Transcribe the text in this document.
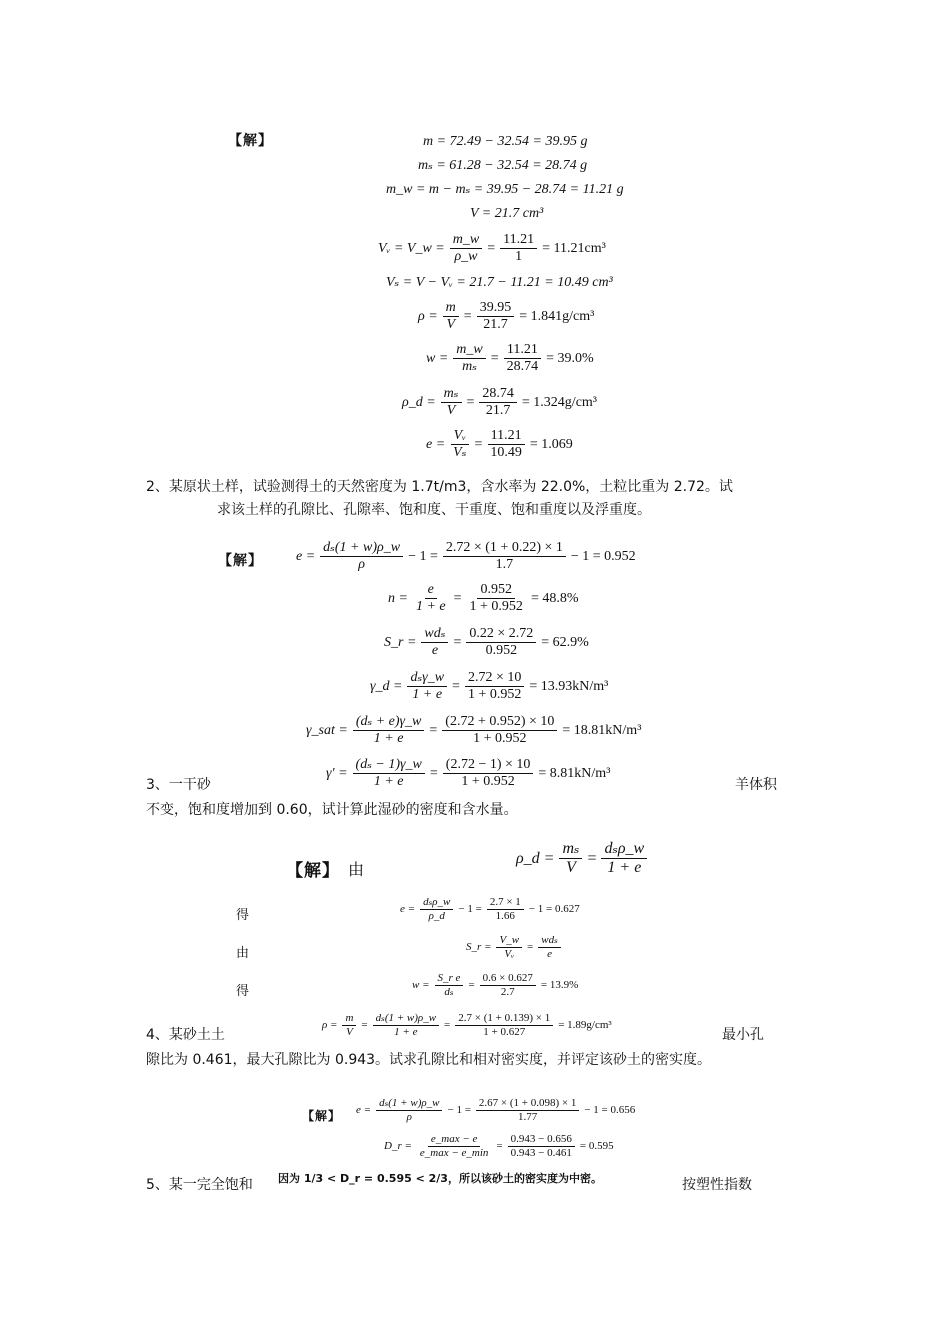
【解】	m = 72.49 − 32.54 = 39.95 g
mₛ = 61.28 − 32.54 = 28.74 g
m_w = m − mₛ = 39.95 − 28.74 = 11.21 g
V = 21.7 cm³
Vᵥ = V_w = $\frac{m\_w}{\rho\_w} = \frac{11.21}{1} = 11.21cm^3$
Vₛ = V − Vᵥ = 21.7 − 11.21 = 10.49 cm³
$\rho = \frac{m}{V} = \frac{39.95}{21.7} = 1.841g/cm^3$
$w = \frac{m\_w}{\text{mₛ}} = \frac{11.21}{28.74} = 39.0\%$
ρ_d = $\frac{\text{mₛ}}{V} = \frac{28.74}{21.7} = 1.324g/cm^3$
$e = \frac{\text{Vᵥ}}{\text{Vₛ}} = \frac{11.21}{10.49} = 1.069$
2、某原状土样，试验测得土的天然密度为 1.7t/m3，含水率为 22.0%，土粒比重为 2.72。试
求该土样的孔隙比、孔隙率、饱和度、干重度、饱和重度以及浮重度。
【解】 $e = \frac{\text{dₛ(1 + w)ρ\_w}}{\rho} - 1 = \frac{2.72 \times (1 + 0.22) \times 1}{1.7} - 1 = 0.952$
$n = \frac{e}{1 + e} = \frac{0.952}{1 + 0.952} = 48.8\%$
S_r = $\frac{\text{wdₛ}}{e} = \frac{0.22 \times 2.72}{0.952} = 62.9\%$
γ_d = $\frac{\text{dₛγ\_w}}{1 + e} = \frac{2.72 \times 10}{1 + 0.952} = 13.93kN/m^3$
γ_sat = $\frac{\text{(dₛ + e)γ\_w}}{1 + e} = \frac{(2.72 + 0.952) \times 10}{1 + 0.952} = 18.81kN/m^3$
3、一干砂
$\gamma' = \frac{\text{(dₛ − 1)γ\_w}}{1 + e} = \frac{(2.72 - 1) \times 10}{1 + 0.952} = 8.81kN/m^3$
羊体积
不变，饱和度增加到 0.60，试计算此湿砂的密度和含水量。
【解】 由
ρ_d = $\frac{\text{mₛ}}{V} = \frac{\text{dₛρ\_w}}{1 + e}$
得	$e = \frac{\text{dₛρ\_w}}{\rho\_d} - 1 = \frac{2.7 \times 1}{1.66} - 1 = 0.627$
由	S_r = $\frac{V\_w}{\text{Vᵥ}} = \frac{\text{wdₛ}}{e}$
得	$w = \frac{\text{S\_r e}}{\text{dₛ}} = \frac{0.6 \times 0.627}{2.7} = 13.9\%$
4、某砂土土
$\rho = \frac{m}{V} = \frac{\text{dₛ(1 + w)ρ\_w}}{1 + e} = \frac{2.7 \times (1 + 0.139) \times 1}{1 + 0.627} = 1.89g/cm^3$
最小孔
隙比为 0.461，最大孔隙比为 0.943。试求孔隙比和相对密实度，并评定该砂土的密实度。
【解】 $e = \frac{\text{dₛ(1 + w)ρ\_w}}{\rho} - 1 = \frac{2.67 \times (1 + 0.098) \times 1}{1.77} - 1 = 0.656$
D_r = $\frac{e\_\max - e}{e\_\max - e\_\min} = \frac{0.943 - 0.656}{0.943 - 0.461} = 0.595$
5、某一完全饱和 因为 1/3 < D_r = 0.595 < 2/3，所以该砂土的密实度为中密。	按塑性指数
